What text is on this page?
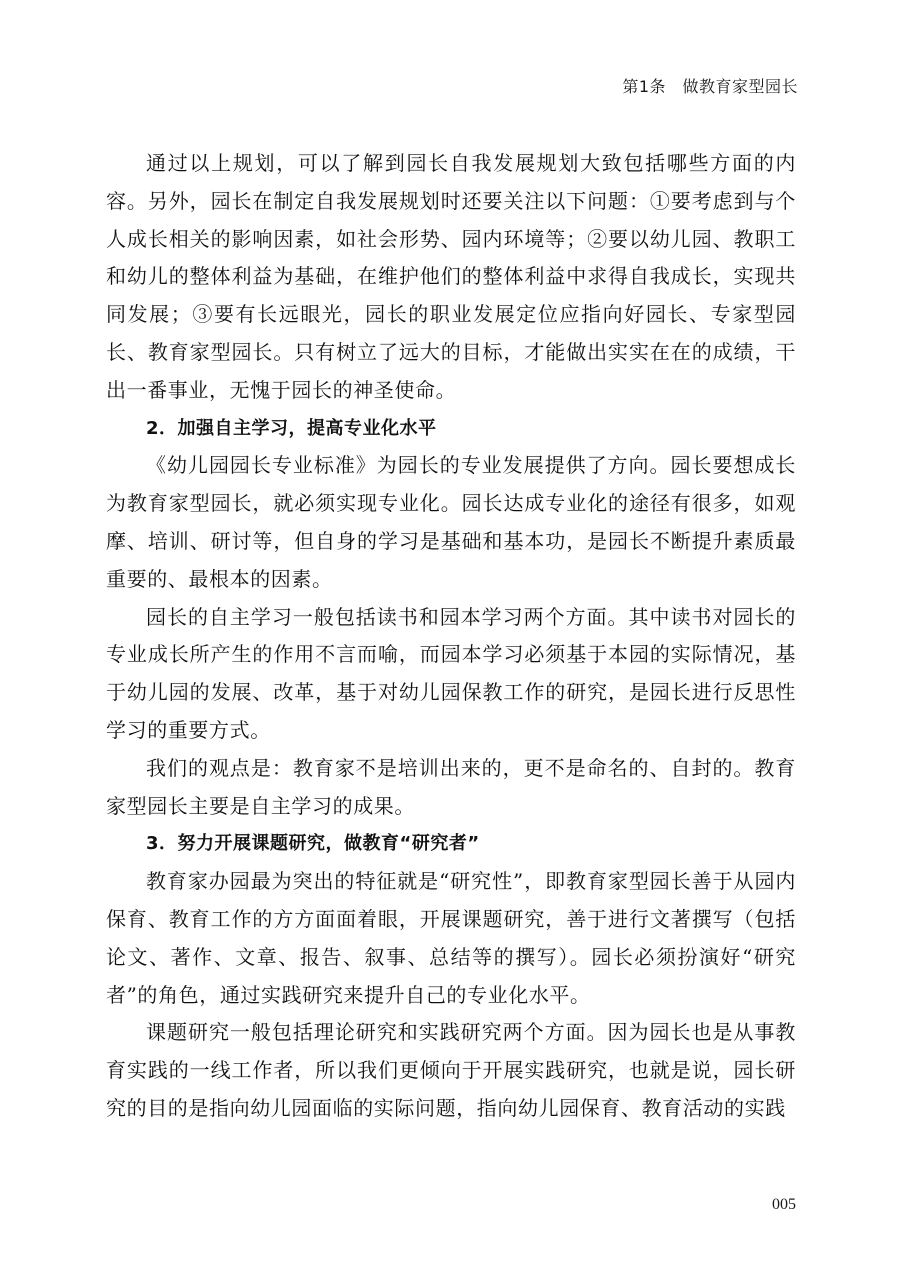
第1条　做教育家型园长

通过以上规划，可以了解到园长自我发展规划大致包括哪些方面的内容。另外，园长在制定自我发展规划时还要关注以下问题：①要考虑到与个人成长相关的影响因素，如社会形势、园内环境等；②要以幼儿园、教职工和幼儿的整体利益为基础，在维护他们的整体利益中求得自我成长，实现共同发展；③要有长远眼光，园长的职业发展定位应指向好园长、专家型园长、教育家型园长。只有树立了远大的目标，才能做出实实在在的成绩，干出一番事业，无愧于园长的神圣使命。

2．加强自主学习，提高专业化水平

《幼儿园园长专业标准》为园长的专业发展提供了方向。园长要想成长为教育家型园长，就必须实现专业化。园长达成专业化的途径有很多，如观摩、培训、研讨等，但自身的学习是基础和基本功，是园长不断提升素质最重要的、最根本的因素。

园长的自主学习一般包括读书和园本学习两个方面。其中读书对园长的专业成长所产生的作用不言而喻，而园本学习必须基于本园的实际情况，基于幼儿园的发展、改革，基于对幼儿园保教工作的研究，是园长进行反思性学习的重要方式。

我们的观点是：教育家不是培训出来的，更不是命名的、自封的。教育家型园长主要是自主学习的成果。

3．努力开展课题研究，做教育“研究者”

教育家办园最为突出的特征就是“研究性”，即教育家型园长善于从园内保育、教育工作的方方面面着眼，开展课题研究，善于进行文著撰写（包括论文、著作、文章、报告、叙事、总结等的撰写）。园长必须扮演好“研究者”的角色，通过实践研究来提升自己的专业化水平。

课题研究一般包括理论研究和实践研究两个方面。因为园长也是从事教育实践的一线工作者，所以我们更倾向于开展实践研究，也就是说，园长研究的目的是指向幼儿园面临的实际问题，指向幼儿园保育、教育活动的实践

005
